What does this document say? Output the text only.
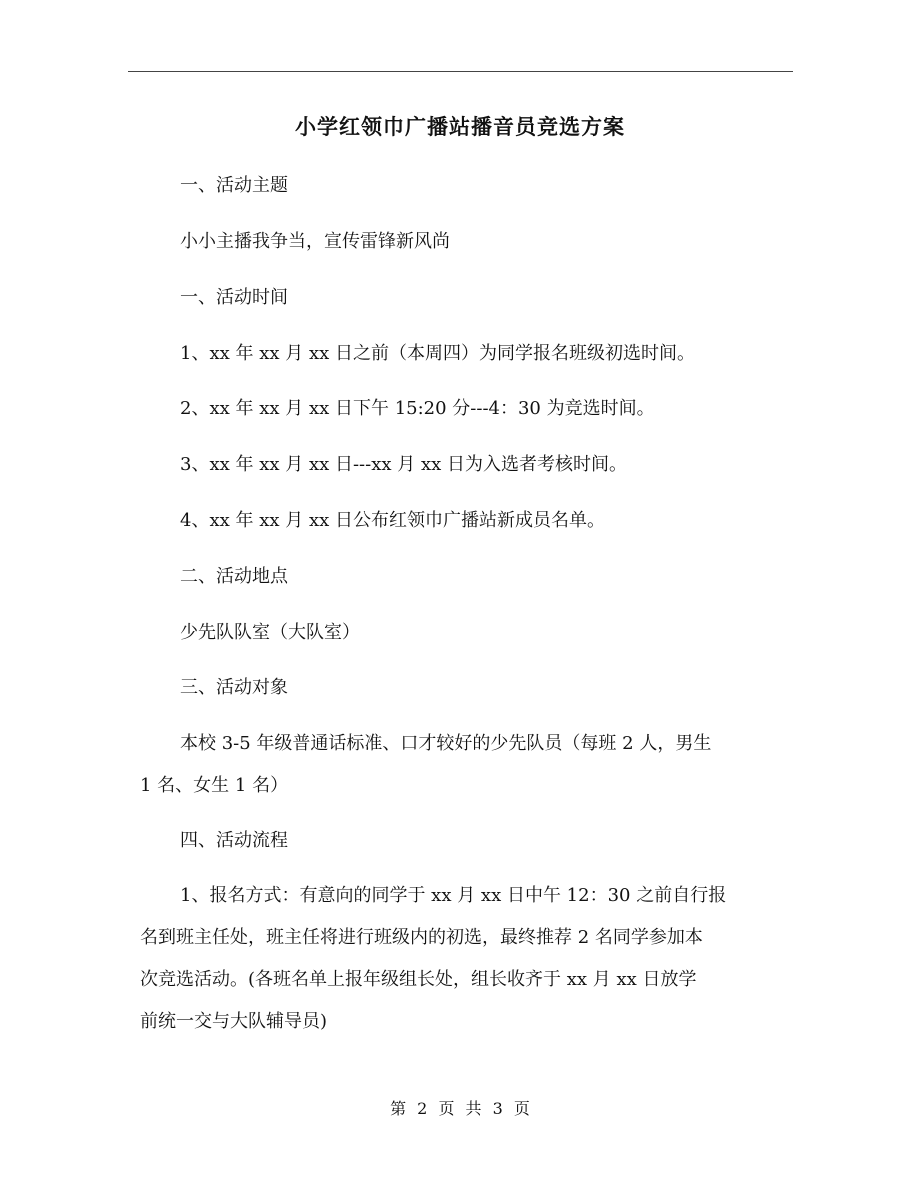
小学红领巾广播站播音员竞选方案

一、活动主题

小小主播我争当，宣传雷锋新风尚

一、活动时间

1、xx 年 xx 月 xx 日之前（本周四）为同学报名班级初选时间。

2、xx 年 xx 月 xx 日下午 15:20 分---4：30 为竞选时间。

3、xx 年 xx 月 xx 日---xx 月 xx 日为入选者考核时间。

4、xx 年 xx 月 xx 日公布红领巾广播站新成员名单。

二、活动地点

少先队队室（大队室）

三、活动对象

本校 3-5 年级普通话标准、口才较好的少先队员（每班 2 人，男生

1 名、女生 1 名）

四、活动流程

1、报名方式：有意向的同学于 xx 月 xx 日中午 12：30 之前自行报

名到班主任处，班主任将进行班级内的初选，最终推荐 2 名同学参加本

次竞选活动。(各班名单上报年级组长处，组长收齐于 xx 月 xx 日放学

前统一交与大队辅导员)

第 2 页 共 3 页
